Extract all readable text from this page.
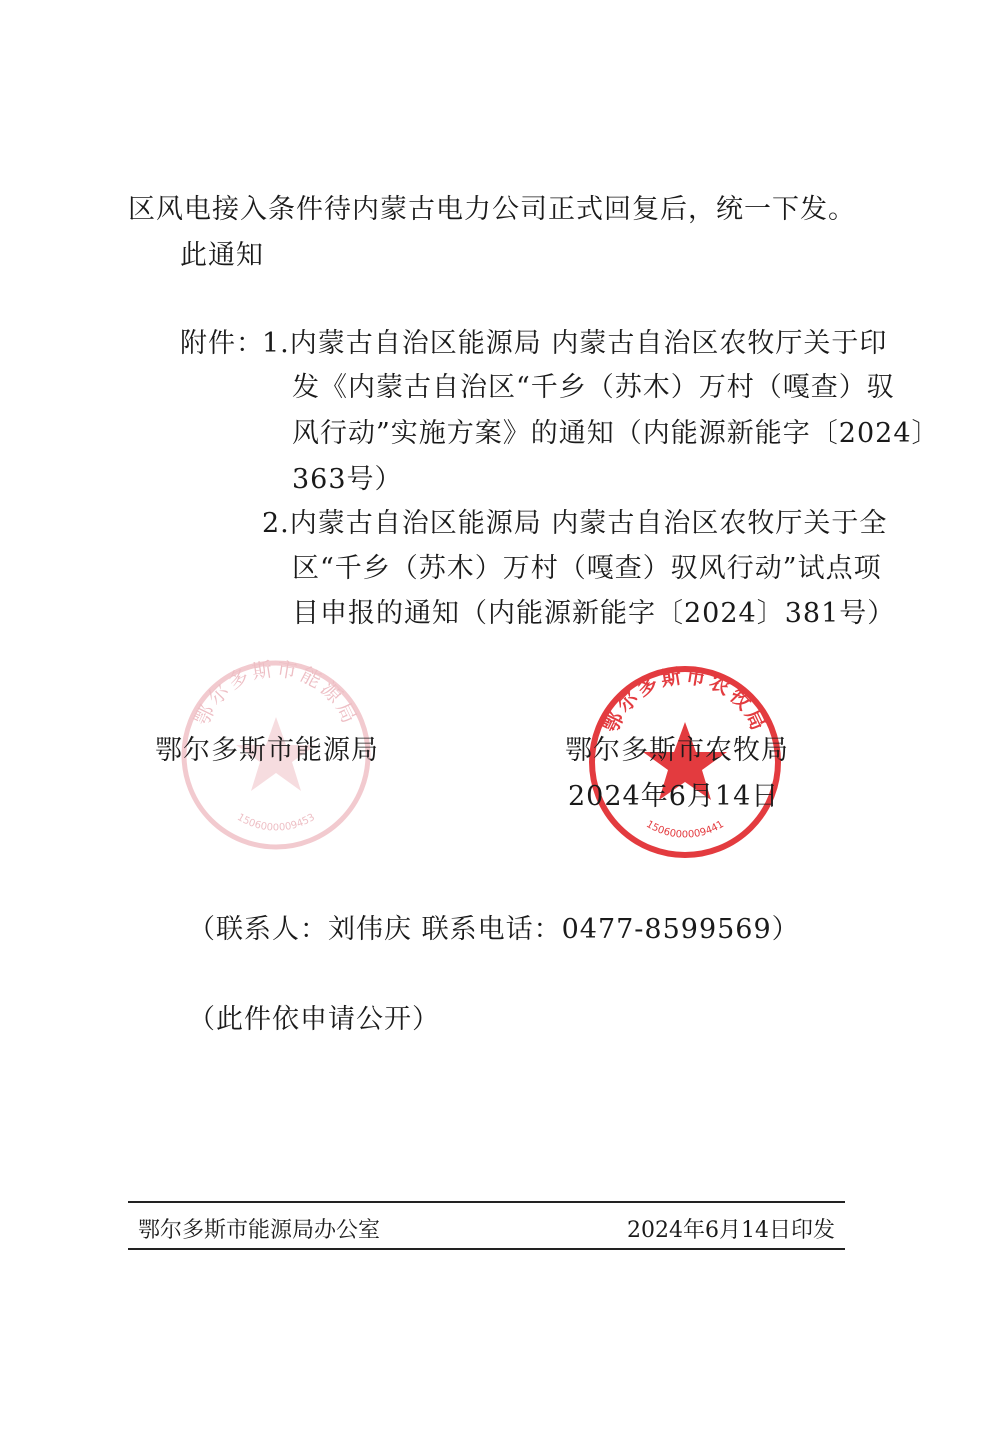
区风电接入条件待内蒙古电力公司正式回复后，统一下发。
此通知
附件：
1.内蒙古自治区能源局 内蒙古自治区农牧厅关于印
发《内蒙古自治区“千乡（苏木）万村（嘎查）驭
风行动”实施方案》的通知（内能源新能字〔2024〕
363号）
2.内蒙古自治区能源局 内蒙古自治区农牧厅关于全
区“千乡（苏木）万村（嘎查）驭风行动”试点项
目申报的通知（内能源新能字〔2024〕381号）
鄂尔多斯市能源局
1506000009453
鄂尔多斯市农牧局
1506000009441
鄂尔多斯市能源局	鄂尔多斯市农牧局
2024年6月14日
（联系人：刘伟庆 联系电话：0477-8599569）
（此件依申请公开）
鄂尔多斯市能源局办公室	2024年6月14日印发
